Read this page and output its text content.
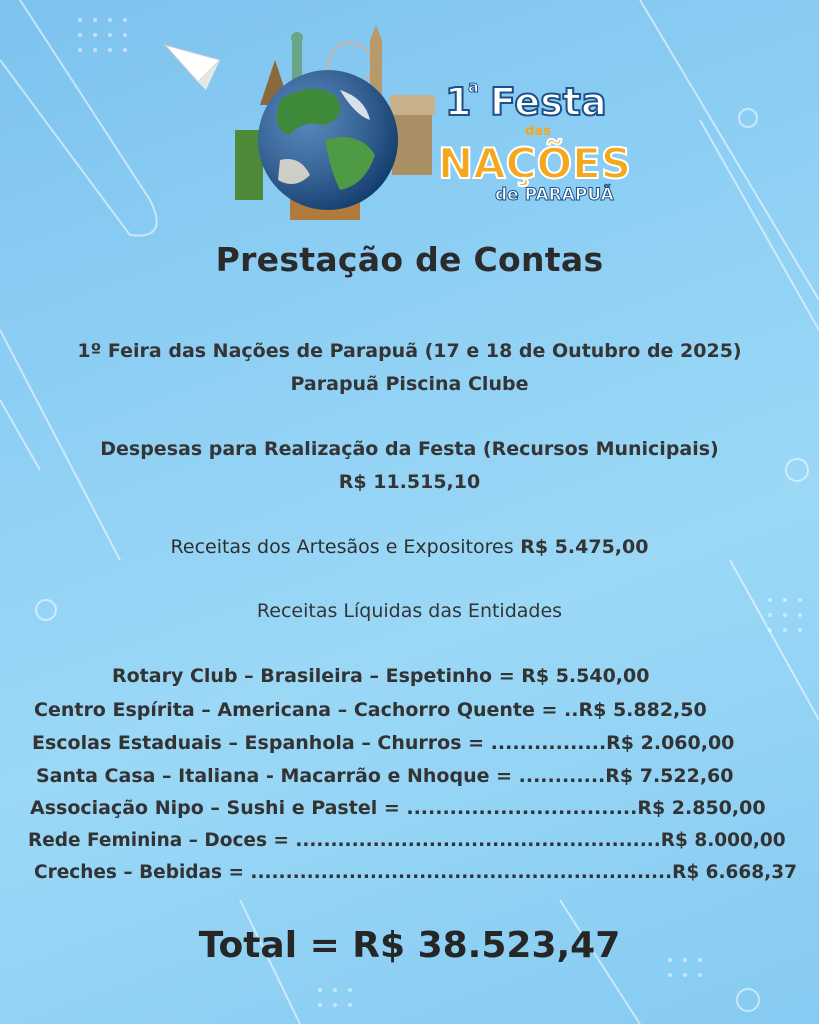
1
a Festa
das
NAÇÕES
de PARAPUÃ
Prestação de Contas
1º Feira das Nações de Parapuã (17 e 18 de Outubro de 2025)
Parapuã Piscina Clube
Despesas para Realização da Festa (Recursos Municipais)
R$ 11.515,10
Receitas dos Artesãos e Expositores R$ 5.475,00
Receitas Líquidas das Entidades
Rotary Club – Brasileira – Espetinho = R$ 5.540,00
Centro Espírita – Americana – Cachorro Quente = ..R$ 5.882,50
Escolas Estaduais – Espanhola – Churros = ................R$ 2.060,00
Santa Casa – Italiana - Macarrão e Nhoque = ............R$ 7.522,60
Associação Nipo – Sushi e Pastel = ................................R$ 2.850,00
Rede Feminina – Doces = ....................................................R$ 8.000,00
Creches – Bebidas = ............................................................R$ 6.668,37
Total = R$ 38.523,47
